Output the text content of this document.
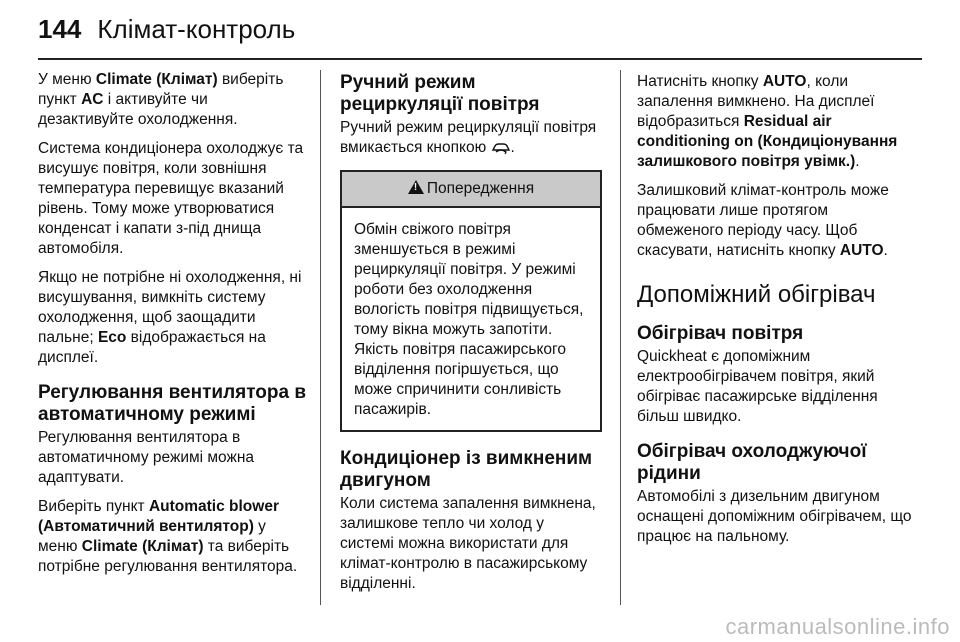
144 Клімат-контроль

У меню Climate (Клімат) виберіть пункт AC і активуйте чи дезактивуйте охолодження.

Система кондиціонера охолоджує та висушує повітря, коли зовнішня температура перевищує вказаний рівень. Тому може утворюватися конденсат і капати з-під днища автомобіля.

Якщо не потрібне ні охолодження, ні висушування, вимкніть систему охолодження, щоб заощадити пальне; Eco відображається на дисплеї.

Регулювання вентилятора в автоматичному режимі

Регулювання вентилятора в автоматичному режимі можна адаптувати.

Виберіть пункт Automatic blower (Автоматичний вентилятор) у меню Climate (Клімат) та виберіть потрібне регулювання вентилятора.

Ручний режим рециркуляції повітря

Ручний режим рециркуляції повітря вмикається кнопкою .

!Попередження
Обмін свіжого повітря зменшується в режимі рециркуляції повітря. У режимі роботи без охолодження вологість повітря підвищується, тому вікна можуть запотіти. Якість повітря пасажирського відділення погіршується, що може спричинити сонливість пасажирів.
Кондиціонер із вимкненим двигуном

Коли система запалення вимкнена, залишкове тепло чи холод у системі можна використати для клімат-контролю в пасажирському відділенні.

Натисніть кнопку AUTO, коли запалення вимкнено. На дисплеї відобразиться Residual air conditioning on (Кондиціонування залишкового повітря увімк.).

Залишковий клімат-контроль може працювати лише протягом обмеженого періоду часу. Щоб скасувати, натисніть кнопку AUTO.

Допоміжний обігрівач
Обігрівач повітря

Quickheat є допоміжним електрообігрівачем повітря, який обігріває пасажирське відділення більш швидко.

Обігрівач охолоджуючої рідини

Автомобілі з дизельним двигуном оснащені допоміжним обігрівачем, що працює на пальному.

carmanualsonline.info
